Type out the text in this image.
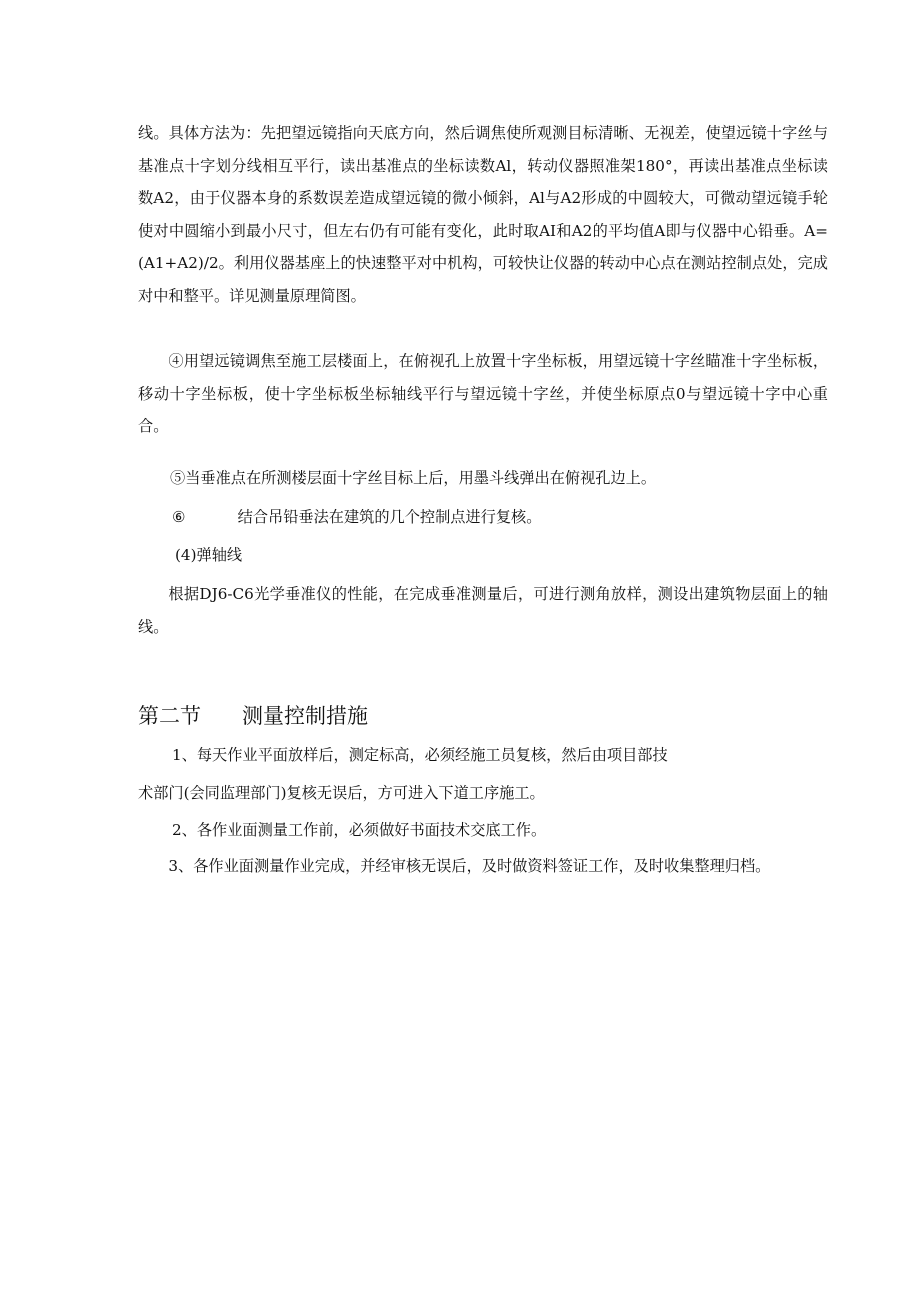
线。具体方法为：先把望远镜指向天底方向，然后调焦使所观测目标清晰、无视差，使望远镜十字丝与基准点十字划分线相互平行，读出基准点的坐标读数Al，转动仪器照准架180°，再读出基准点坐标读数A2，由于仪器本身的系数误差造成望远镜的微小倾斜，Al与A2形成的中圆较大，可微动望远镜手轮使对中圆缩小到最小尺寸，但左右仍有可能有变化，此时取AI和A2的平均值A即与仪器中心铅垂。A=(A1+A2)/2。利用仪器基座上的快速整平对中机构，可较快让仪器的转动中心点在测站控制点处，完成对中和整平。详见测量原理简图。
④用望远镜调焦至施工层楼面上，在俯视孔上放置十字坐标板，用望远镜十字丝瞄准十字坐标板，移动十字坐标板，使十字坐标板坐标轴线平行与望远镜十字丝，并使坐标原点0与望远镜十字中心重合。
⑤当垂准点在所测楼层面十字丝目标上后，用墨斗线弹出在俯视孔边上。
⑥	结合吊铅垂法在建筑的几个控制点进行复核。
(4)弹轴线
根据DJ6-C6光学垂准仪的性能，在完成垂准测量后，可进行测角放样，测设出建筑物层面上的轴线。
第二节 测量控制措施
1、每天作业平面放样后，测定标高，必须经施工员复核，然后由项目部技
术部门(会同监理部门)复核无误后，方可进入下道工序施工。
2、各作业面测量工作前，必须做好书面技术交底工作。
3、各作业面测量作业完成，并经审核无误后，及时做资料签证工作，及时收集整理归档。
